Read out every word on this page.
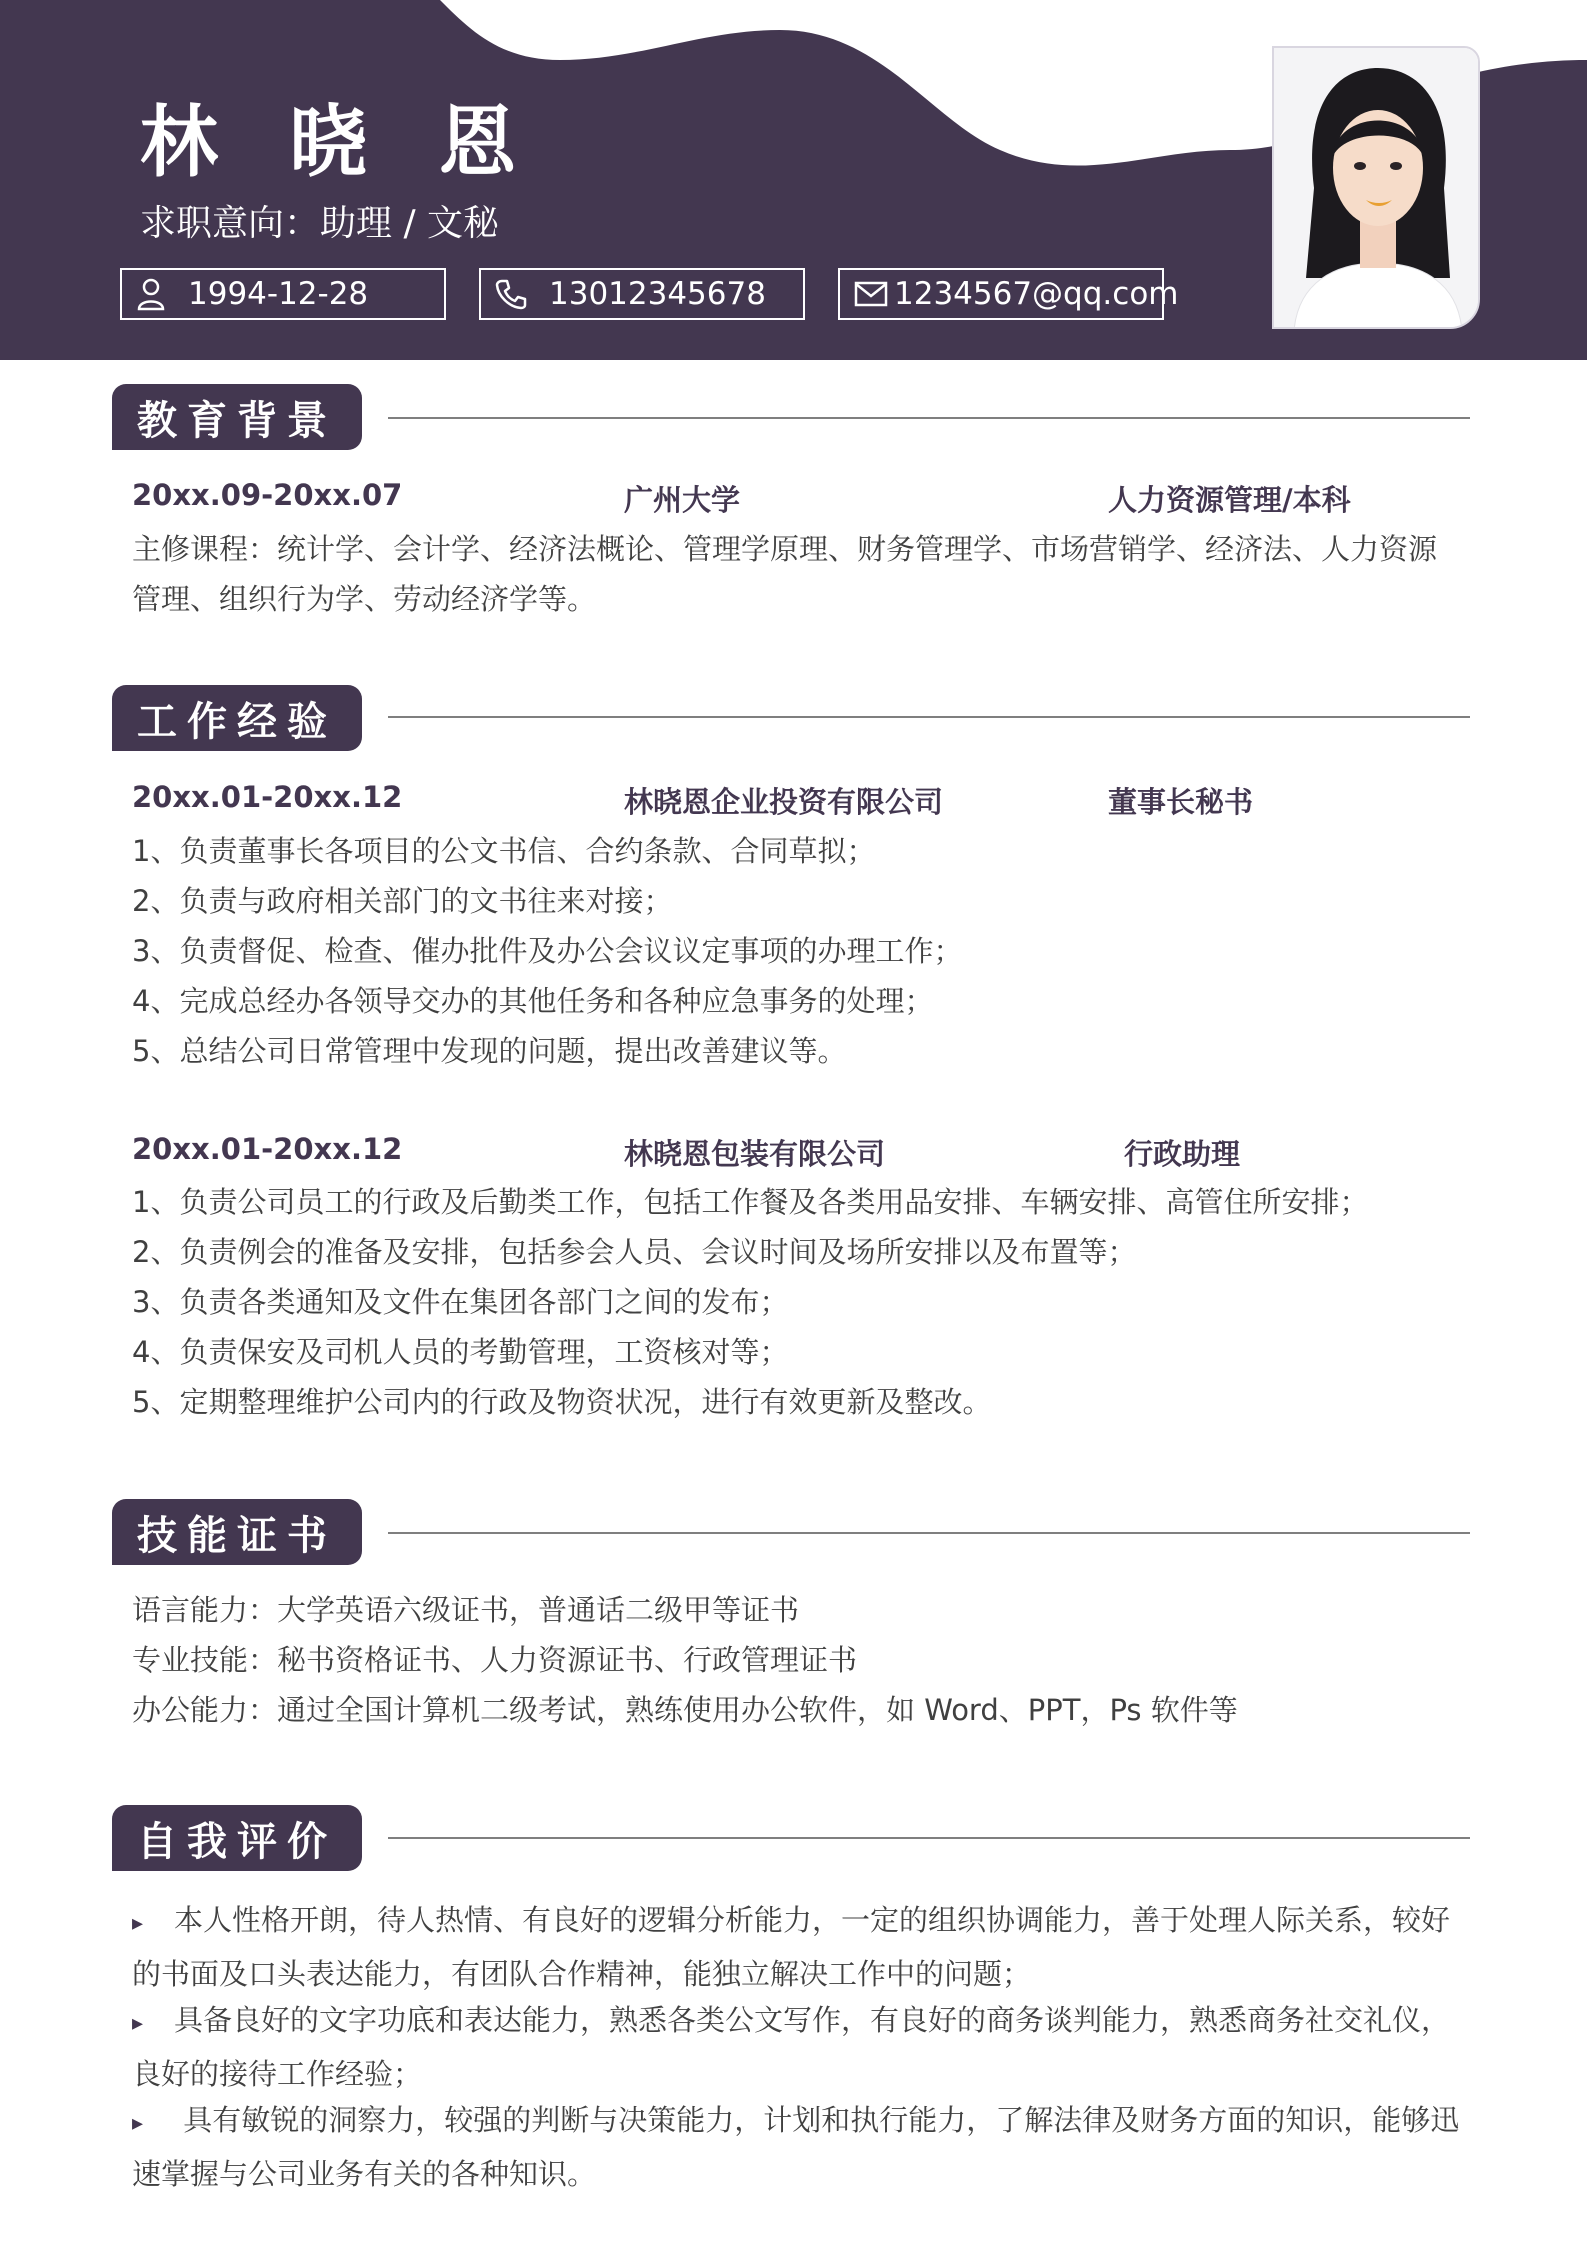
林 晓 恩
求职意向：助理 / 文秘
1994-12-28	13012345678	1234567@qq.com
教育背景
20xx.09-20xx.07	广州大学	人力资源管理/本科
主修课程：统计学、会计学、经济法概论、管理学原理、财务管理学、市场营销学、经济法、人力资源
管理、组织行为学、劳动经济学等。
工作经验
20xx.01-20xx.12	林晓恩企业投资有限公司	董事长秘书
1、负责董事长各项目的公文书信、合约条款、合同草拟；
2、负责与政府相关部门的文书往来对接；
3、负责督促、检查、催办批件及办公会议议定事项的办理工作；
4、完成总经办各领导交办的其他任务和各种应急事务的处理；
5、总结公司日常管理中发现的问题，提出改善建议等。
20xx.01-20xx.12	林晓恩包装有限公司	行政助理
1、负责公司员工的行政及后勤类工作，包括工作餐及各类用品安排、车辆安排、高管住所安排；
2、负责例会的准备及安排，包括参会人员、会议时间及场所安排以及布置等；
3、负责各类通知及文件在集团各部门之间的发布；
4、负责保安及司机人员的考勤管理，工资核对等；
5、定期整理维护公司内的行政及物资状况，进行有效更新及整改。
技能证书
语言能力：大学英语六级证书，普通话二级甲等证书
专业技能：秘书资格证书、人力资源证书、行政管理证书
办公能力：通过全国计算机二级考试，熟练使用办公软件，如 Word、PPT，Ps 软件等
自我评价
▸ 本人性格开朗，待人热情、有良好的逻辑分析能力，一定的组织协调能力，善于处理人际关系，较好的书面及口头表达能力，有团队合作精神，能独立解决工作中的问题；
▸ 具备良好的文字功底和表达能力，熟悉各类公文写作，有良好的商务谈判能力，熟悉商务社交礼仪，良好的接待工作经验；
▸ 具有敏锐的洞察力，较强的判断与决策能力，计划和执行能力，了解法律及财务方面的知识，能够迅速掌握与公司业务有关的各种知识。
